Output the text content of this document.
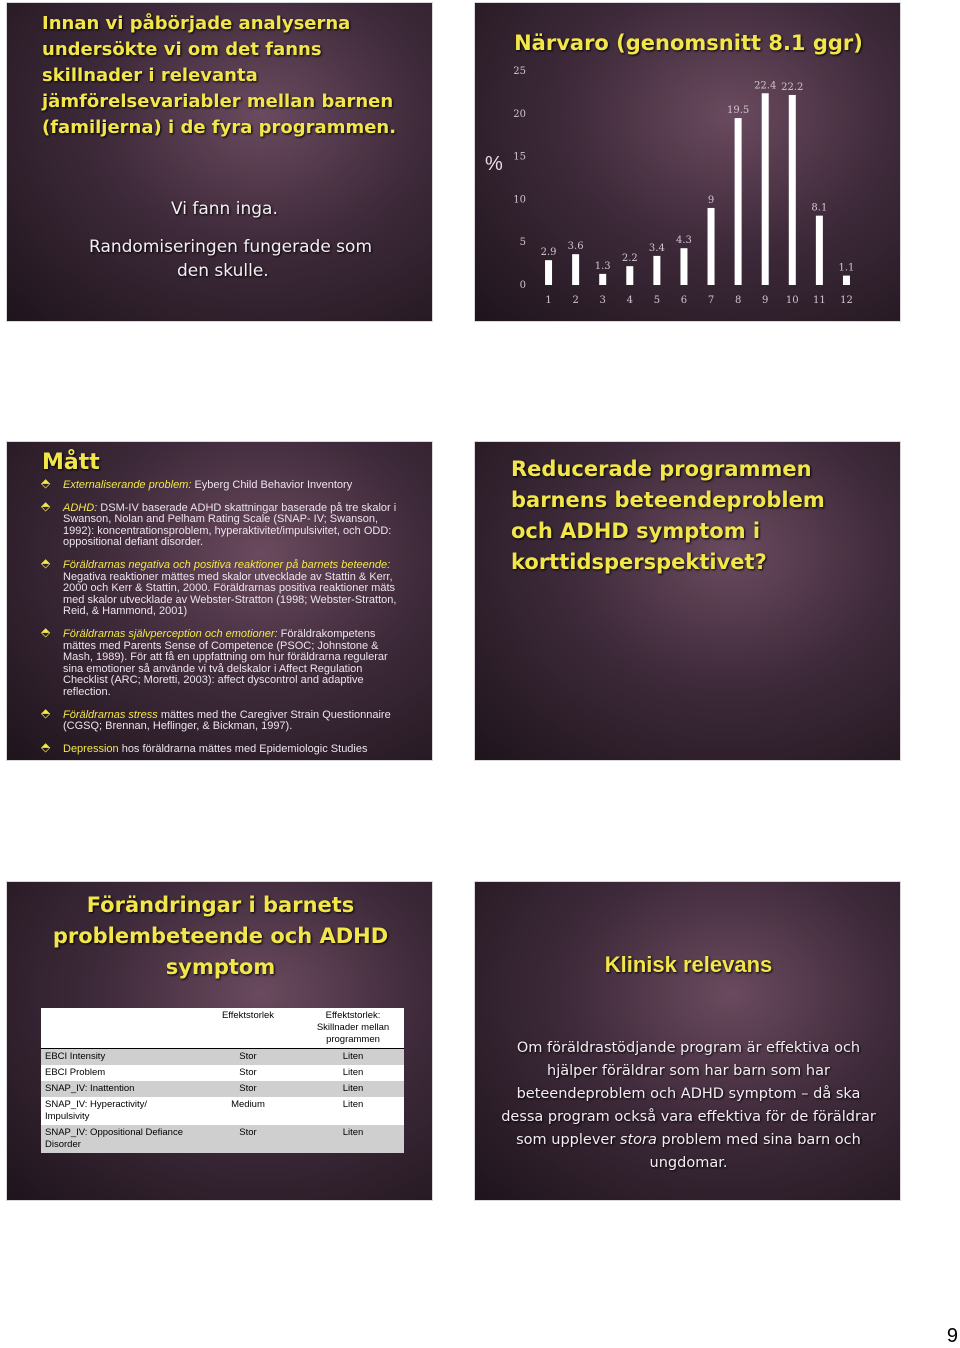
Innan vi påbörjade analyserna undersökte vi om det fanns skillnader i relevanta jämförelsevariabler mellan barnen (familjerna) i de fyra programmen.
Vi fann inga.
Randomiseringen fungerade som
den skulle.
Närvaro (genomsnitt 8.1 ggr)
%
0
5
10
15
20
25
2.9
1
3.6
2
1.3
3
2.2
4
3.4
5
4.3
6
9
7
19.5
8
22.4
9
22.2
10
8.1
11
1.1
12
Mått
⬘ Externaliserande problem: Eyberg Child Behavior Inventory
⬘ ADHD: DSM-IV baserade ADHD skattningar baserade på tre skalor i Swanson, Nolan and Pelham Rating Scale (SNAP- IV; Swanson, 1992): koncentrationsproblem, hyperaktivitet/impulsivitet, och ODD: oppositional defiant disorder.
⬘ Föräldrarnas negativa och positiva reaktioner på barnets beteende: Negativa reaktioner mättes med skalor utvecklade av Stattin & Kerr, 2000 och Kerr & Stattin, 2000. Föräldrarnas positiva reaktioner mäts med skalor utvecklade av Webster-Stratton (1998; Webster-Stratton, Reid, & Hammond, 2001)
⬘ Föräldrarnas självperception och emotioner: Föräldrakompetens mättes med Parents Sense of Competence (PSOC; Johnstone & Mash, 1989). För att få en uppfattning om hur föräldrarna regulerar sina emotioner så använde vi två delskalor i Affect Regulation Checklist (ARC; Moretti, 2003): affect dyscontrol and adaptive reflection.
⬘ Föräldrarnas stress mättes med the Caregiver Strain Questionnaire (CGSQ; Brennan, Heflinger, & Bickman, 1997).
⬘ Depression hos föräldrarna mättes med Epidemiologic Studies
Reducerade programmen barnens beteendeproblem och ADHD symptom i korttidsperspektivet?
Förändringar i barnets problembeteende och ADHD symptom
	Effektstorlek	Effektstorlek: Skillnader mellan programmen
EBCI Intensity	Stor	Liten
EBCI Problem	Stor	Liten
SNAP_IV: Inattention	Stor	Liten
SNAP_IV: Hyperactivity/ Impulsivity	Medium	Liten
SNAP_IV: Oppositional Defiance Disorder	Stor	Liten
Klinisk relevans
Om föräldrastödjande program är effektiva och hjälper föräldrar som har barn som har beteendeproblem och ADHD symptom – då ska dessa program också vara effektiva för de föräldrar som upplever stora problem med sina barn och ungdomar.
9
